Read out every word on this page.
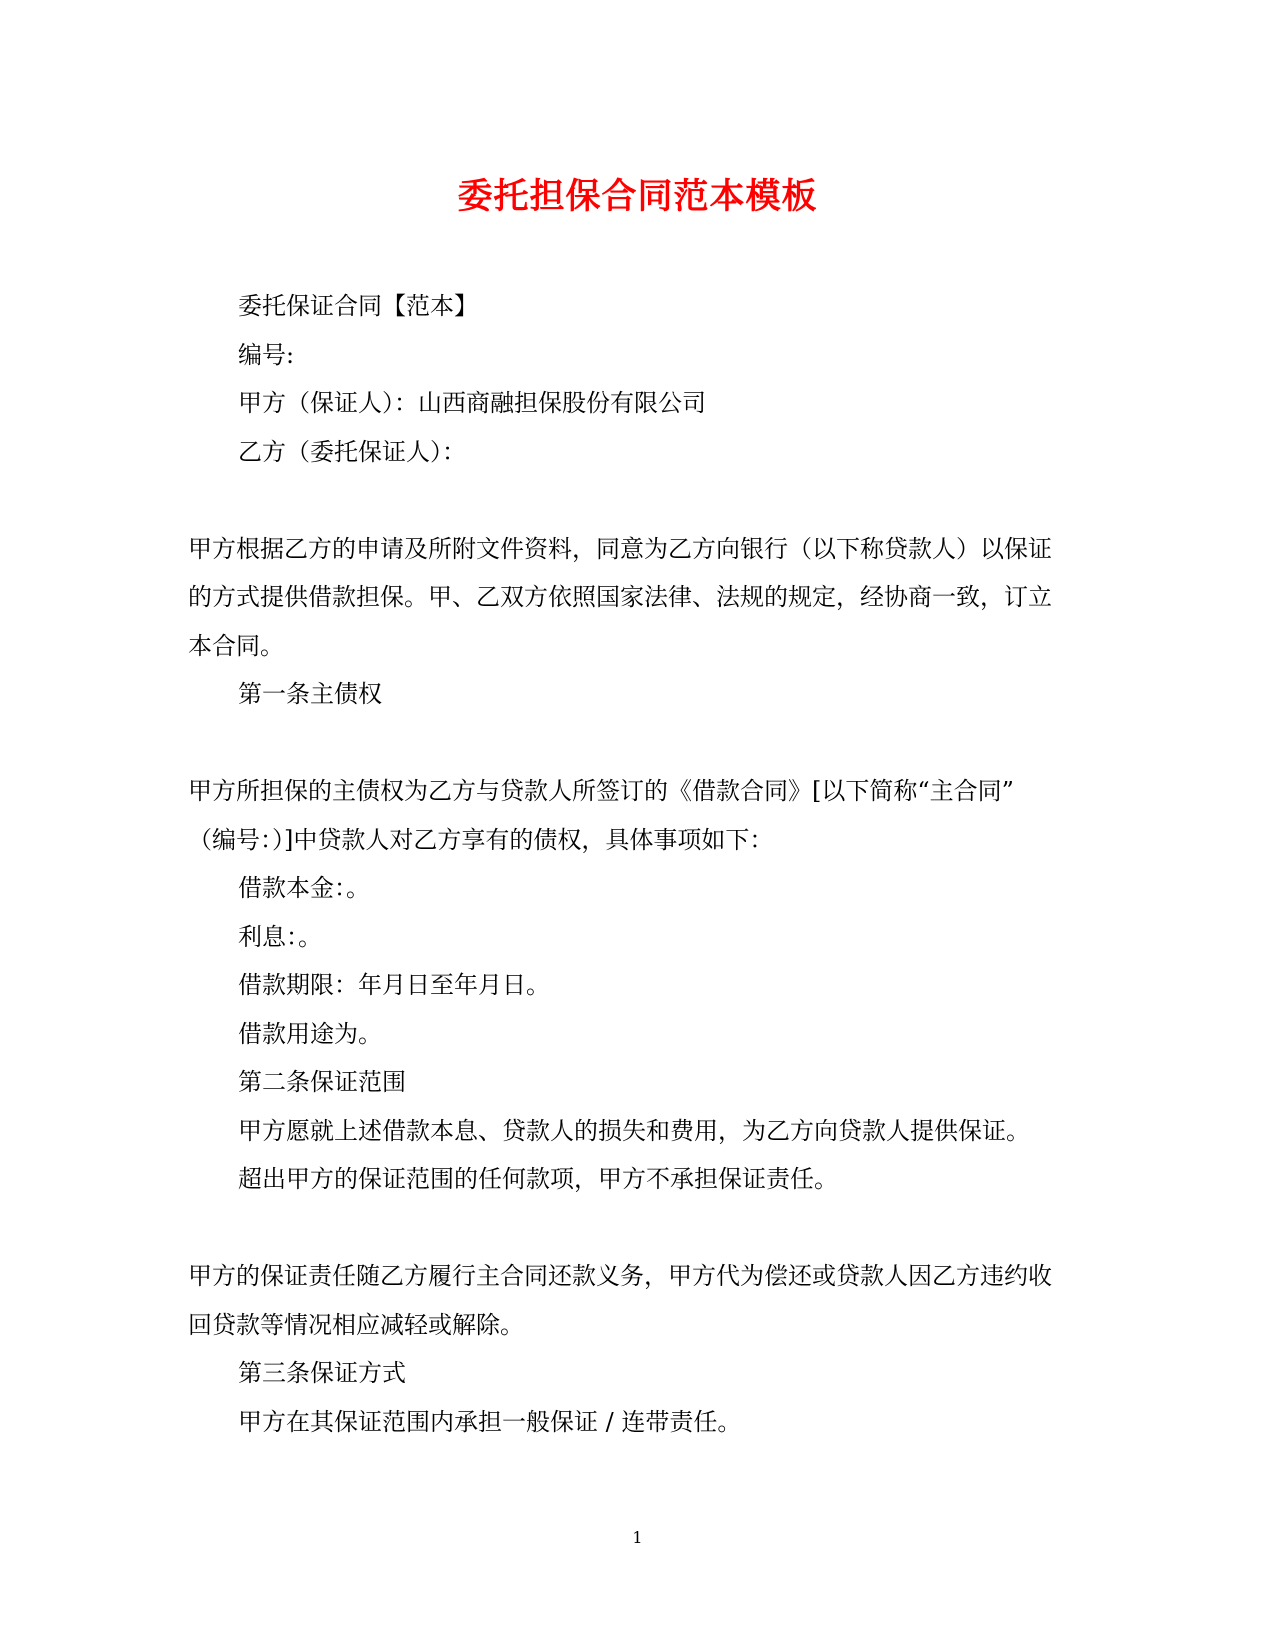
委托担保合同范本模板
委托保证合同【范本】
编号:
甲方（保证人）：山西商融担保股份有限公司
乙方（委托保证人）：
甲方根据乙方的申请及所附文件资料，同意为乙方向银行（以下称贷款人）以保证
的方式提供借款担保。甲、乙双方依照国家法律、法规的规定，经协商一致，订立
本合同。
第一条主债权
甲方所担保的主债权为乙方与贷款人所签订的《借款合同》[以下简称“主合同”
（编号：）]中贷款人对乙方享有的债权，具体事项如下：
借款本金：。
利息：。
借款期限：年月日至年月日。
借款用途为。
第二条保证范围
甲方愿就上述借款本息、贷款人的损失和费用，为乙方向贷款人提供保证。
超出甲方的保证范围的任何款项，甲方不承担保证责任。
甲方的保证责任随乙方履行主合同还款义务，甲方代为偿还或贷款人因乙方违约收
回贷款等情况相应减轻或解除。
第三条保证方式
甲方在其保证范围内承担一般保证 / 连带责任。
1
